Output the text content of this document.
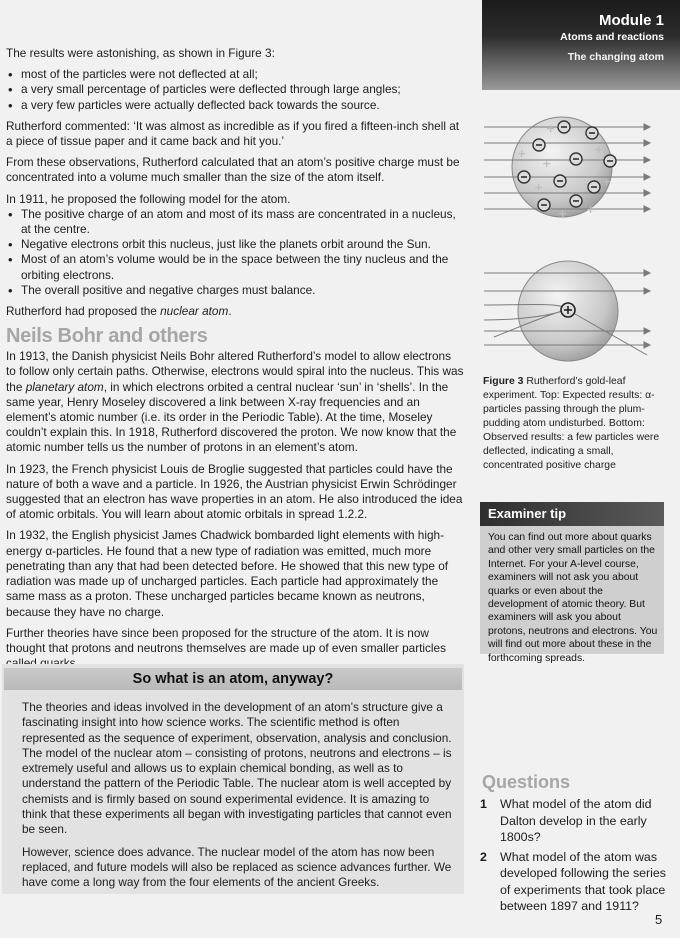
Module 1
Atoms and reactions
The changing atom

The results were astonishing, as shown in Figure 3:

• most of the particles were not deflected at all;
• a very small percentage of particles were deflected through large angles;
• a very few particles were actually deflected back towards the source.

Rutherford commented: ‘It was almost as incredible as if you fired a fifteen-inch shell at a piece of tissue paper and it came back and hit you.’

From these observations, Rutherford calculated that an atom’s positive charge must be concentrated into a volume much smaller than the size of the atom itself.

In 1911, he proposed the following model for the atom.

• The positive charge of an atom and most of its mass are concentrated in a nucleus, at the centre.
• Negative electrons orbit this nucleus, just like the planets orbit around the Sun.
• Most of an atom’s volume would be in the space between the tiny nucleus and the orbiting electrons.
• The overall positive and negative charges must balance.

Rutherford had proposed the nuclear atom.

Neils Bohr and others

In 1913, the Danish physicist Neils Bohr altered Rutherford’s model to allow electrons to follow only certain paths. Otherwise, electrons would spiral into the nucleus. This was the planetary atom, in which electrons orbited a central nuclear ‘sun’ in ‘shells’. In the same year, Henry Moseley discovered a link between X-ray frequencies and an element’s atomic number (i.e. its order in the Periodic Table). At the time, Moseley couldn’t explain this. In 1918, Rutherford discovered the proton. We now know that the atomic number tells us the number of protons in an element’s atom.

In 1923, the French physicist Louis de Broglie suggested that particles could have the nature of both a wave and a particle. In 1926, the Austrian physicist Erwin Schrödinger suggested that an electron has wave properties in an atom. He also introduced the idea of atomic orbitals. You will learn about atomic orbitals in spread 1.2.2.

In 1932, the English physicist James Chadwick bombarded light elements with high-energy α-particles. He found that a new type of radiation was emitted, much more penetrating than any that had been detected before. He showed that this new type of radiation was made up of uncharged particles. Each particle had approximately the same mass as a proton. These uncharged particles became known as neutrons, because they have no charge.

Further theories have since been proposed for the structure of the atom. It is now thought that protons and neutrons themselves are made up of even smaller particles

So what is an atom, anyway?

The theories and ideas involved in the development of an atom’s structure give a fascinating insight into how science works. The scientific method is often represented as the sequence of experiment, observation, analysis and conclusion. The model of the nuclear atom – consisting of protons, neutrons and electrons – is extremely useful and allows us to explain chemical bonding, as well as to understand the pattern of the Periodic Table. The nuclear atom is well accepted by chemists and is firmly based on sound experimental evidence. It is amazing to think that these experiments all began with investigating particles that cannot even be seen.

However, science does advance. The nuclear model of the atom has now been replaced, and future models will also be replaced as science advances further. We have come a long way from the four elements of the ancient Greeks.

+
+	+
+
+
+ +
+
Figure 3 Rutherford’s gold-leaf experiment. Top: Expected results: α-particles passing through the plum-pudding atom undisturbed. Bottom: Observed results: a few particles were deflected, indicating a small, concentrated positive charge
Examiner tip
You can find out more about quarks and other very small particles on the Internet. For your A-level course, examiners will not ask you about quarks or even about the development of atomic theory. But examiners will ask you about protons, neutrons and electrons. You will find out more about these in the forthcoming spreads.
Questions
1 What model of the atom did Dalton develop in the early 1800s?
2 What model of the atom was developed following the series of experiments that took place between 1897 and 1911?
5
